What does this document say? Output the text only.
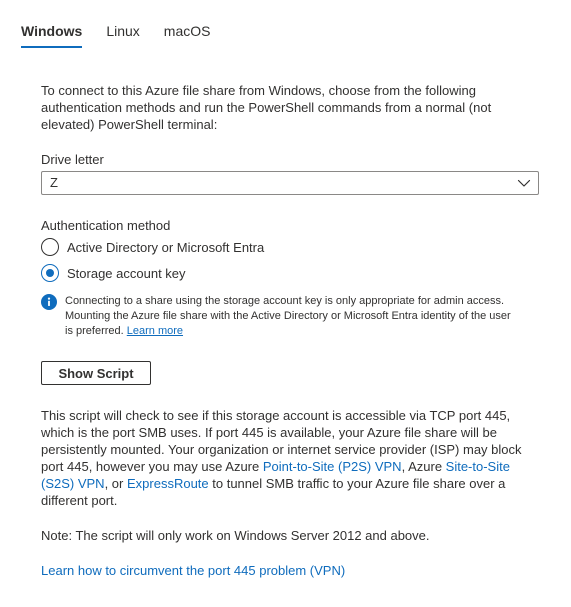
Windows Linux macOS

To connect to this Azure file share from Windows, choose from the following authentication methods and run the PowerShell commands from a normal (not elevated) PowerShell terminal:

Drive letter
Z
Authentication method
Active Directory or Microsoft Entra
Storage account key
Connecting to a share using the storage account key is only appropriate for admin access. Mounting the Azure file share with the Active Directory or Microsoft Entra identity of the user is preferred. Learn more
Show Script
This script will check to see if this storage account is accessible via TCP port 445, which is the port SMB uses. If port 445 is available, your Azure file share will be persistently mounted. Your organization or internet service provider (ISP) may block port 445, however you may use Azure Point-to-Site (P2S) VPN, Azure Site-to-Site (S2S) VPN, or ExpressRoute to tunnel SMB traffic to your Azure file share over a different port.
Note: The script will only work on Windows Server 2012 and above.
Learn how to circumvent the port 445 problem (VPN)
